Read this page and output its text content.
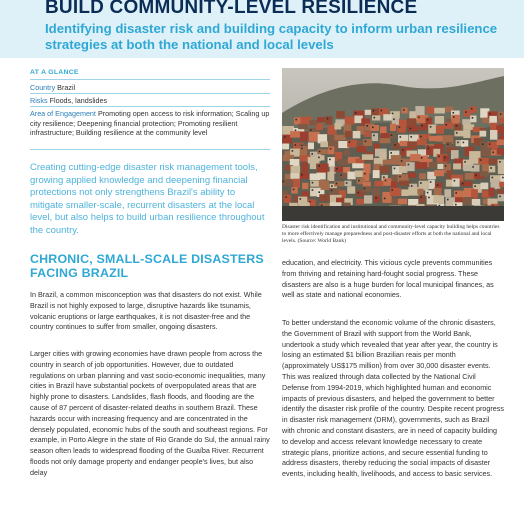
BUILD COMMUNITY-LEVEL RESILIENCE
Identifying disaster risk and building capacity to inform urban resilience strategies at both the national and local levels
AT A GLANCE
Country Brazil
Risks Floods, landslides
Area of Engagement Promoting open access to risk information; Scaling up city resilience; Deepening financial protection; Promoting resilient infrastructure; Building resilience at the community level

Creating cutting-edge disaster risk management tools, growing applied knowledge and deepening financial protections not only strengthens Brazil's ability to mitigate smaller-scale, recurrent disasters at the local level, but also helps to build urban resilience throughout the country.

CHRONIC, SMALL-SCALE DISASTERS FACING BRAZIL

In Brazil, a common misconception was that disasters do not exist. While Brazil is not highly exposed to large, disruptive hazards like tsunamis, volcanic eruptions or large earthquakes, it is not disaster-free and the country continues to suffer from smaller, ongoing disasters.

Larger cities with growing economies have drawn people from across the country in search of job opportunities. However, due to outdated regulations on urban planning and vast socio-economic inequalities, many cities in Brazil have substantial pockets of overpopulated areas that are highly prone to disasters. Landslides, flash floods, and flooding are the cause of 87 percent of disaster-related deaths in southern Brazil. These hazards occur with increasing frequency and are concentrated in the densely populated, economic hubs of the south and southeast regions. For example, in Porto Alegre in the state of Rio Grande do Sul, the annual rainy season often leads to widespread flooding of the Guaíba River. Recurrent floods not only damage property and endanger people's lives, but also delay

Disaster risk identification and institutional and community-level capacity building helps countries to more effectively manage preparedness and post-disaster efforts at both the national and local levels. (Source: World Bank)

education, and electricity. This vicious cycle prevents communities from thriving and retaining hard-fought social progress. These disasters are also is a huge burden for local municipal finances, as well as state and national economies.

To better understand the economic volume of the chronic disasters, the Government of Brazil with support from the World Bank, undertook a study which revealed that year after year, the country is losing an estimated $1 billion Brazilian reais per month (approximately US$175 million) from over 30,000 disaster events. This was realized through data collected by the National Civil Defense from 1994-2019, which highlighted human and economic impacts of previous disasters, and helped the government to better identify the disaster risk profile of the country. Despite recent progress in disaster risk management (DRM), governments, such as Brazil with chronic and constant disasters, are in need of capacity building to develop and access relevant knowledge necessary to create strategic plans, prioritize actions, and secure essential funding to address disasters, thereby reducing the social impacts of disaster events, including health, livelihoods, and access to basic services.
